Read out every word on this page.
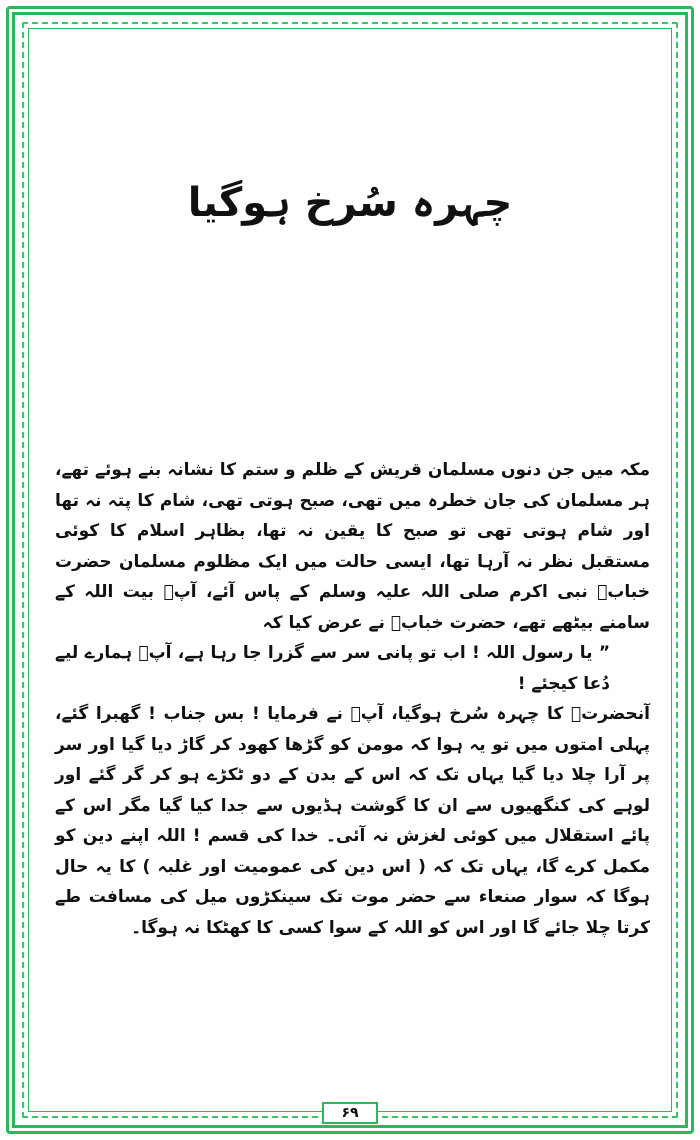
چہرہ سُرخ ہوگیا

مکہ میں جن دنوں مسلمان قریش کے ظلم و ستم کا نشانہ بنے ہوئے تھے، ہر مسلمان کی جان خطرہ میں تھی، صبح ہوتی تھی، شام کا پتہ نہ تھا اور شام ہوتی تھی تو صبح کا یقین نہ تھا، بظاہر اسلام کا کوئی مستقبل نظر نہ آرہا تھا، ایسی حالت میں ایک مظلوم مسلمان حضرت خبابؓ نبی اکرم صلی اللہ علیہ وسلم کے پاس آئے، آپؐ بیت اللہ کے سامنے بیٹھے تھے، حضرت خبابؓ نے عرض کیا کہ

” یا رسول اللہ ! اب تو پانی سر سے گزرا جا رہا ہے، آپؐ ہمارے لیے دُعا کیجئے !

آنحضرتؐ کا چہرہ سُرخ ہوگیا، آپؐ نے فرمایا ! بس جناب ! گھبرا گئے، پہلی امتوں میں تو یہ ہوا کہ مومن کو گڑھا کھود کر گاڑ دیا گیا اور سر پر آرا چلا دیا گیا یہاں تک کہ اس کے بدن کے دو ٹکڑے ہو کر گر گئے اور لوہے کی کنگھیوں سے ان کا گوشت ہڈیوں سے جدا کیا گیا مگر اس کے پائے استقلال میں کوئی لغزش نہ آئی۔ خدا کی قسم ! اللہ اپنے دین کو مکمل کرے گا، یہاں تک کہ ( اس دین کی عمومیت اور غلبہ ) کا یہ حال ہوگا کہ سوار صنعاء سے حضر موت تک سینکڑوں میل کی مسافت طے کرتا چلا جائے گا اور اس کو اللہ کے سوا کسی کا کھٹکا نہ ہوگا۔

۶۹
